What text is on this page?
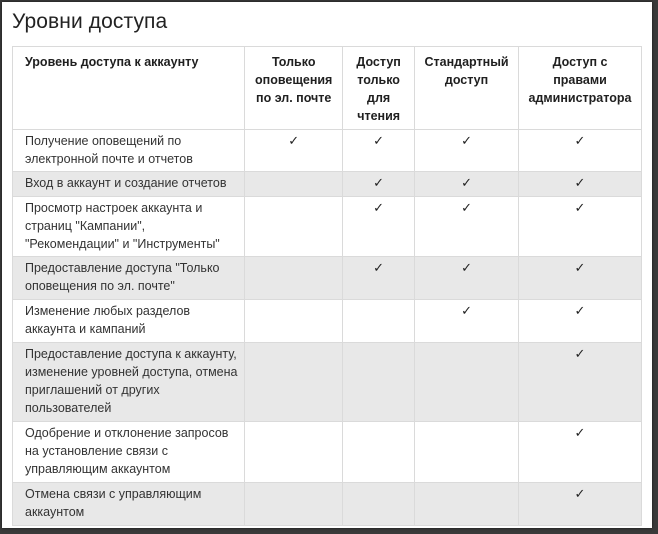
Уровни доступа
Уровень доступа к аккаунту	Только оповещения по эл. почте	Доступ только для чтения	Стандартный доступ	Доступ с правами администратора
Получение оповещений по электронной почте и отчетов	✓	✓	✓	✓
Вход в аккаунт и создание отчетов		✓	✓	✓
Просмотр настроек аккаунта и страниц "Кампании", "Рекомендации" и "Инструменты"		✓	✓	✓
Предоставление доступа "Только оповещения по эл. почте"		✓	✓	✓
Изменение любых разделов аккаунта и кампаний			✓	✓
Предоставление доступа к аккаунту, изменение уровней доступа, отмена приглашений от других пользователей				✓
Одобрение и отклонение запросов на установление связи с управляющим аккаунтом				✓
Отмена связи с управляющим аккаунтом				✓
